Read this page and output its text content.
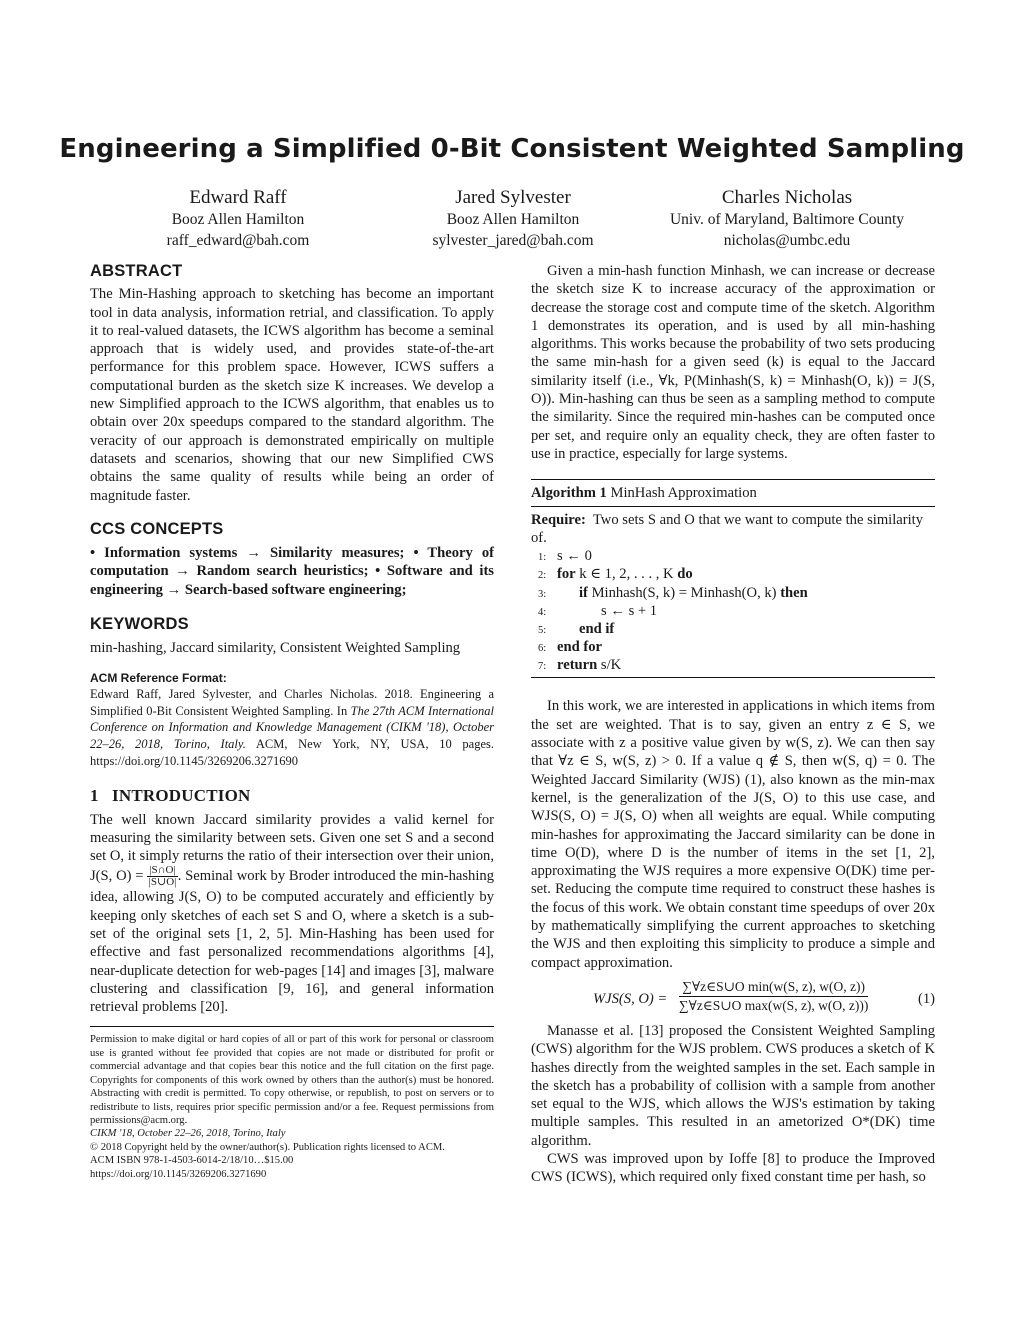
Engineering a Simplified 0-Bit Consistent Weighted Sampling
Edward Raff
Booz Allen Hamilton
raff_edward@bah.com
Jared Sylvester
Booz Allen Hamilton
sylvester_jared@bah.com
Charles Nicholas
Univ. of Maryland, Baltimore County
nicholas@umbc.edu
ABSTRACT

The Min-Hashing approach to sketching has become an important tool in data analysis, information retrial, and classification. To apply it to real-valued datasets, the ICWS algorithm has become a seminal approach that is widely used, and provides state-of-the-art performance for this problem space. However, ICWS suffers a computational burden as the sketch size K increases. We develop a new Simplified approach to the ICWS algorithm, that enables us to obtain over 20x speedups compared to the standard algorithm. The veracity of our approach is demonstrated empirically on multiple datasets and scenarios, showing that our new Simplified CWS obtains the same quality of results while being an order of magnitude faster.

CCS CONCEPTS

• Information systems → Similarity measures; • Theory of computation → Random search heuristics; • Software and its engineering → Search-based software engineering;

KEYWORDS

min-hashing, Jaccard similarity, Consistent Weighted Sampling

ACM Reference Format:

Edward Raff, Jared Sylvester, and Charles Nicholas. 2018. Engineering a Simplified 0-Bit Consistent Weighted Sampling. In The 27th ACM International Conference on Information and Knowledge Management (CIKM '18), October 22–26, 2018, Torino, Italy. ACM, New York, NY, USA, 10 pages. https://doi.org/10.1145/3269206.3271690

1   INTRODUCTION

The well known Jaccard similarity provides a valid kernel for measuring the similarity between sets. Given one set S and a second set O, it simply returns the ratio of their intersection over their union, J(S, $O) = \frac{|S\cap O|}{|S\cup O|}$ . Seminal work by Broder introduced the min-hashing idea, allowing J(S, O) to be computed accurately and efficiently by keeping only sketches of each set S and O, where a sketch is a sub-set of the original sets [1, 2, 5]. Min-Hashing has been used for effective and fast personalized recommendations algorithms [4], near-duplicate detection for web-pages [14] and images [3], malware clustering and classification [9, 16], and general information retrieval problems [20].

Permission to make digital or hard copies of all or part of this work for personal or classroom use is granted without fee provided that copies are not made or distributed for profit or commercial advantage and that copies bear this notice and the full citation on the first page. Copyrights for components of this work owned by others than the author(s) must be honored. Abstracting with credit is permitted. To copy otherwise, or republish, to post on servers or to redistribute to lists, requires prior specific permission and/or a fee. Request permissions from permissions@acm.org.

CIKM '18, October 22–26, 2018, Torino, Italy

© 2018 Copyright held by the owner/author(s). Publication rights licensed to ACM.

ACM ISBN 978-1-4503-6014-2/18/10…$15.00

https://doi.org/10.1145/3269206.3271690

Given a min-hash function Minhash, we can increase or decrease the sketch size K to increase accuracy of the approximation or decrease the storage cost and compute time of the sketch. Algorithm 1 demonstrates its operation, and is used by all min-hashing algorithms. This works because the probability of two sets producing the same min-hash for a given seed (k) is equal to the Jaccard similarity itself (i.e., ∀k, P(Minhash(S, k) = Minhash(O, k)) = J(S, O)). Min-hashing can thus be seen as a sampling method to compute the similarity. Since the required min-hashes can be computed once per set, and require only an equality check, they are often faster to use in practice, especially for large systems.

Algorithm 1 MinHash Approximation
Require: Two sets S and O that we want to compute the similarity of.
1: s ← 0
2: for k ∈ 1, 2, . . . , K do
3: if Minhash(S, k) = Minhash(O, k) then
4:	s ← s + 1
5: end if
6: end for
7: return s/K

In this work, we are interested in applications in which items from the set are weighted. That is to say, given an entry z ∈ S, we associate with z a positive value given by w(S, z). We can then say that ∀z ∈ S, w(S, z) > 0. If a value q ∉ S, then w(S, q) = 0. The Weighted Jaccard Similarity (WJS) (1), also known as the min-max kernel, is the generalization of the J(S, O) to this use case, and WJS(S, O) = J(S, O) when all weights are equal. While computing min-hashes for approximating the Jaccard similarity can be done in time O(D), where D is the number of items in the set [1, 2], approximating the WJS requires a more expensive O(DK) time per-set. Reducing the compute time required to construct these hashes is the focus of this work. We obtain constant time speedups of over 20x by mathematically simplifying the current approaches to sketching the WJS and then exploiting this simplicity to produce a simple and compact approximation.

WJS(S, O) =
∑∀z∈S∪O min(w(S, z), w(O, z))
∑∀z∈S∪O max(w(S, z), w(O, z)))	(1)

Manasse et al. [13] proposed the Consistent Weighted Sampling (CWS) algorithm for the WJS problem. CWS produces a sketch of K hashes directly from the weighted samples in the set. Each sample in the sketch has a probability of collision with a sample from another set equal to the WJS, which allows the WJS's estimation by taking multiple samples. This resulted in an ametorized O*(DK) time algorithm.

CWS was improved upon by Ioffe [8] to produce the Improved CWS (ICWS), which required only fixed constant time per hash, so
